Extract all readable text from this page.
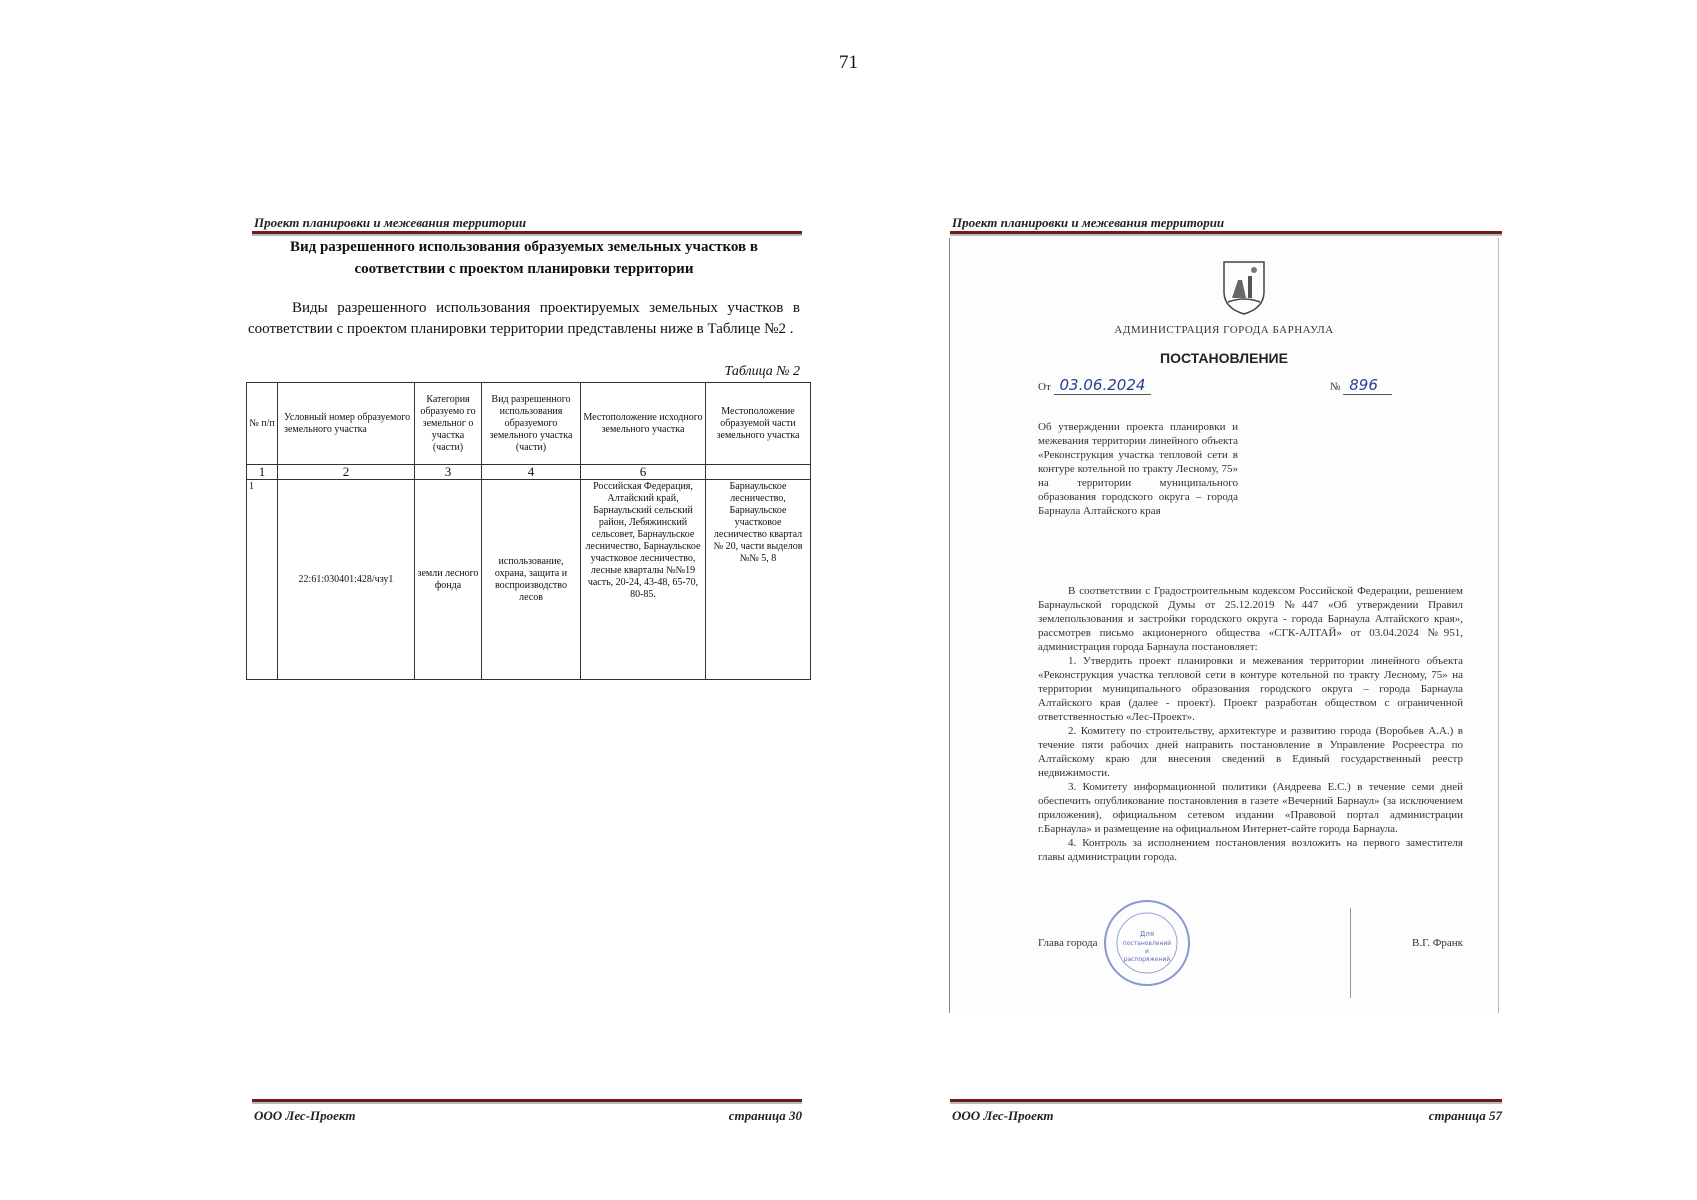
71
Проект планировки и межевания территории
Вид разрешенного использования образуемых земельных участков в
соответствии с проектом планировки территории
Виды разрешенного использования проектируемых земельных участков в соответствии с проектом планировки территории представлены ниже в Таблице №2 .
Таблица № 2
№ п/п	Условный номер образуемого земельного участка	Категория образуемо го земельног о участка (части)	Вид разрешенного использования образуемого земельного участка (части)	Местоположение исходного земельного участка	Местоположение образуемой части земельного участка
1	2	3	4	6	
1	22:61:030401:428/чзу1	земли лесного фонда	использование, охрана, защита и воспроизводство лесов	Российская Федерация, Алтайский край, Барнаульский сельский район, Лебяжинский сельсовет, Барнаульское лесничество, Барнаульское участковое лесничество, лесные кварталы №№19 часть, 20-24, 43-48, 65-70, 80-85.	Барнаульское лесничество, Барнаульское участковое лесничество квартал № 20, части выделов №№ 5, 8
ООО Лес-Проект	страница 30
Проект планировки и межевания территории
АДМИНИСТРАЦИЯ ГОРОДА БАРНАУЛА
ПОСТАНОВЛЕНИЕ
От 03.06.2024	№ 896
Об утверждении проекта планировки и межевания территории линейного объекта «Реконструкция участка тепловой сети в контуре котельной по тракту Лесному, 75» на территории муниципального образования городского округа – города Барнаула Алтайского края

В соответствии с Градостроительным кодексом Российской Федерации, решением Барнаульской городской Думы от 25.12.2019 №447 «Об утверждении Правил землепользования и застройки городского округа - города Барнаула Алтайского края», рассмотрев письмо акционерного общества «СГК-АЛТАЙ» от 03.04.2024 №951, администрация города Барнаула постановляет:

1. Утвердить проект планировки и межевания территории линейного объекта «Реконструкция участка тепловой сети в контуре котельной по тракту Лесному, 75» на территории муниципального образования городского округа – города Барнаула Алтайского края (далее - проект). Проект разработан обществом с ограниченной ответственностью «Лес-Проект».

2. Комитету по строительству, архитектуре и развитию города (Воробьев А.А.) в течение пяти рабочих дней направить постановление в Управление Росреестра по Алтайскому краю для внесения сведений в Единый государственный реестр недвижимости.

3. Комитету информационной политики (Андреева Е.С.) в течение семи дней обеспечить опубликование постановления в газете «Вечерний Барнаул» (за исключением приложения), официальном сетевом издании «Правовой портал администрации г.Барнаула» и размещение на официальном Интернет-сайте города Барнаула.

4. Контроль за исполнением постановления возложить на первого заместителя главы администрации города.

Для
постановлений
и
распоряжений
Глава города	В.Г. Франк
ООО Лес-Проект	страница 57
